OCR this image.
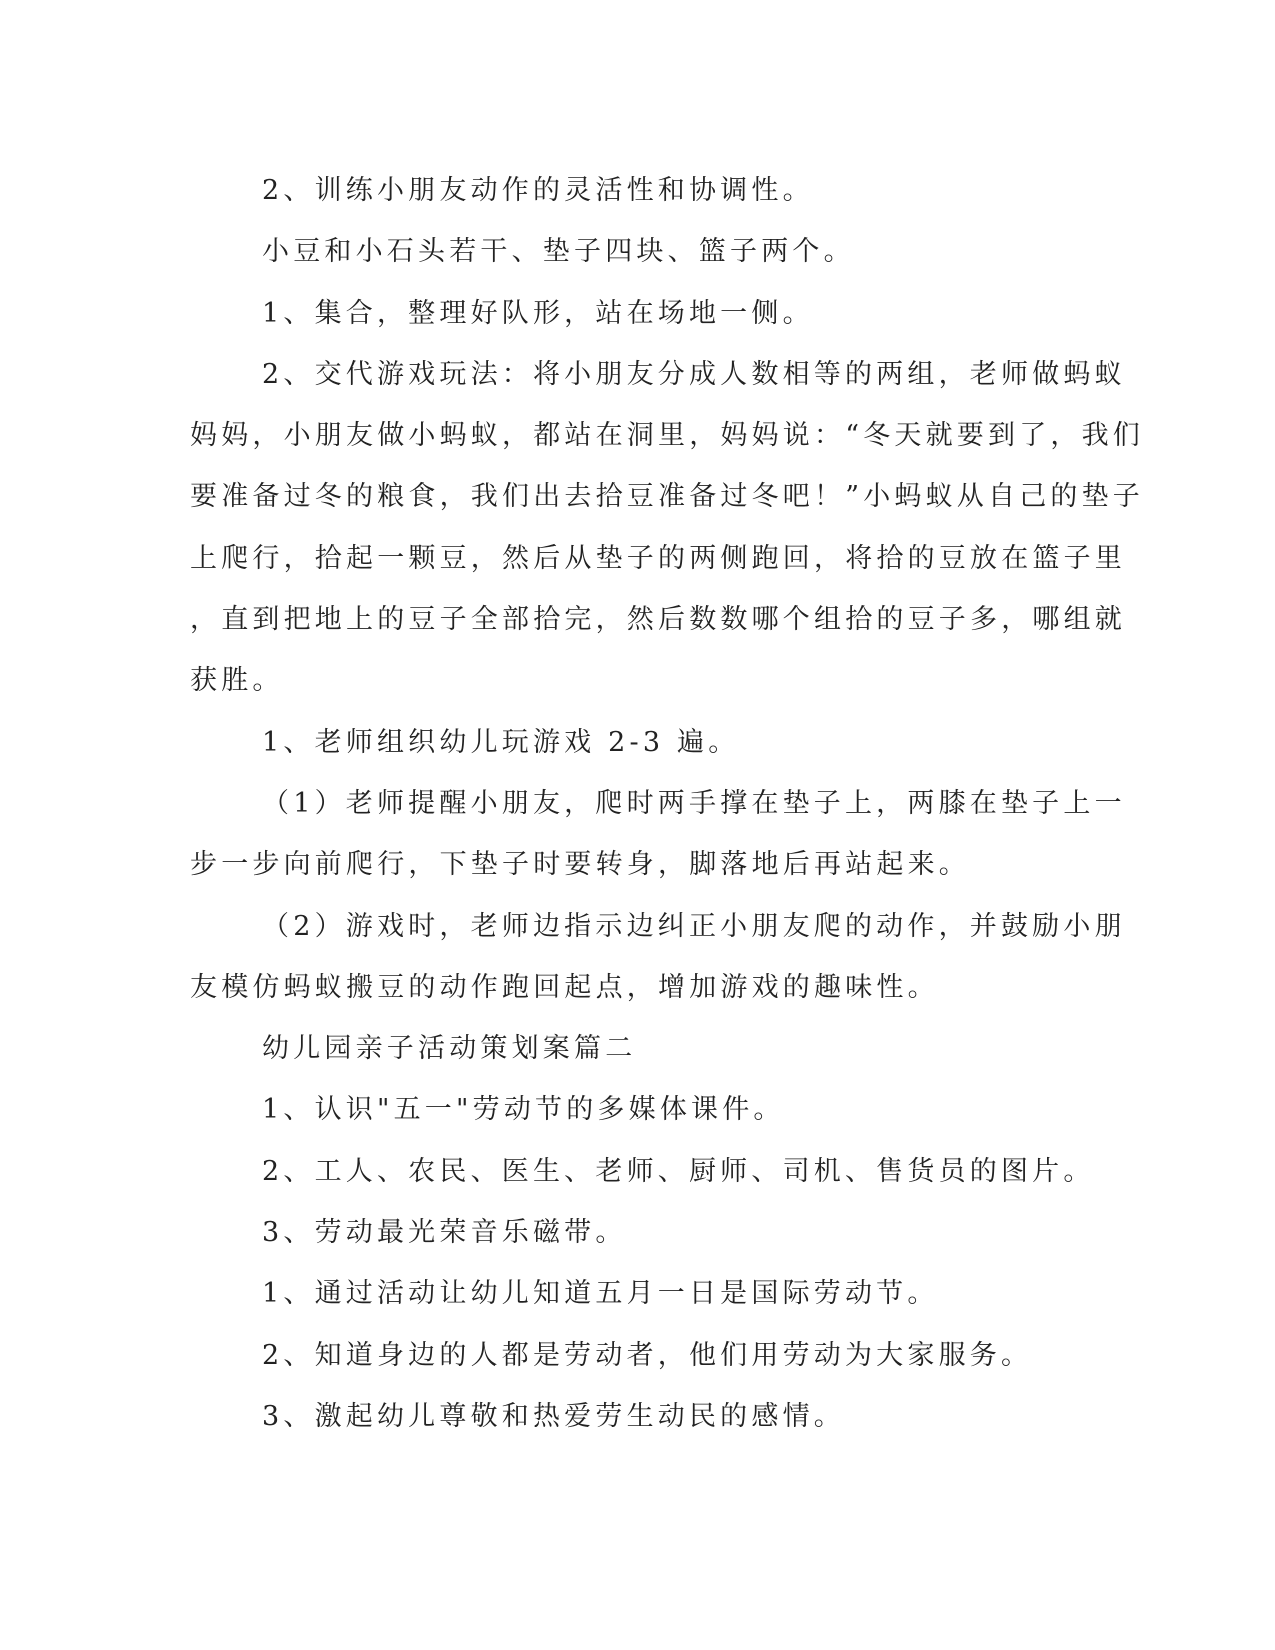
2、训练小朋友动作的灵活性和协调性。
小豆和小石头若干、垫子四块、篮子两个。
1、集合，整理好队形，站在场地一侧。
2、交代游戏玩法：将小朋友分成人数相等的两组，老师做蚂蚁
妈妈，小朋友做小蚂蚁，都站在洞里，妈妈说：“冬天就要到了，我们
要准备过冬的粮食，我们出去拾豆准备过冬吧！”小蚂蚁从自己的垫子
上爬行，拾起一颗豆，然后从垫子的两侧跑回，将拾的豆放在篮子里
，直到把地上的豆子全部拾完，然后数数哪个组拾的豆子多，哪组就
获胜。
1、老师组织幼儿玩游戏 2-3 遍。
（1）老师提醒小朋友，爬时两手撑在垫子上，两膝在垫子上一
步一步向前爬行，下垫子时要转身，脚落地后再站起来。
（2）游戏时，老师边指示边纠正小朋友爬的动作，并鼓励小朋
友模仿蚂蚁搬豆的动作跑回起点，增加游戏的趣味性。
幼儿园亲子活动策划案篇二
1、认识"五一"劳动节的多媒体课件。
2、工人、农民、医生、老师、厨师、司机、售货员的图片。
3、劳动最光荣音乐磁带。
1、通过活动让幼儿知道五月一日是国际劳动节。
2、知道身边的人都是劳动者，他们用劳动为大家服务。
3、激起幼儿尊敬和热爱劳生动民的感情。
